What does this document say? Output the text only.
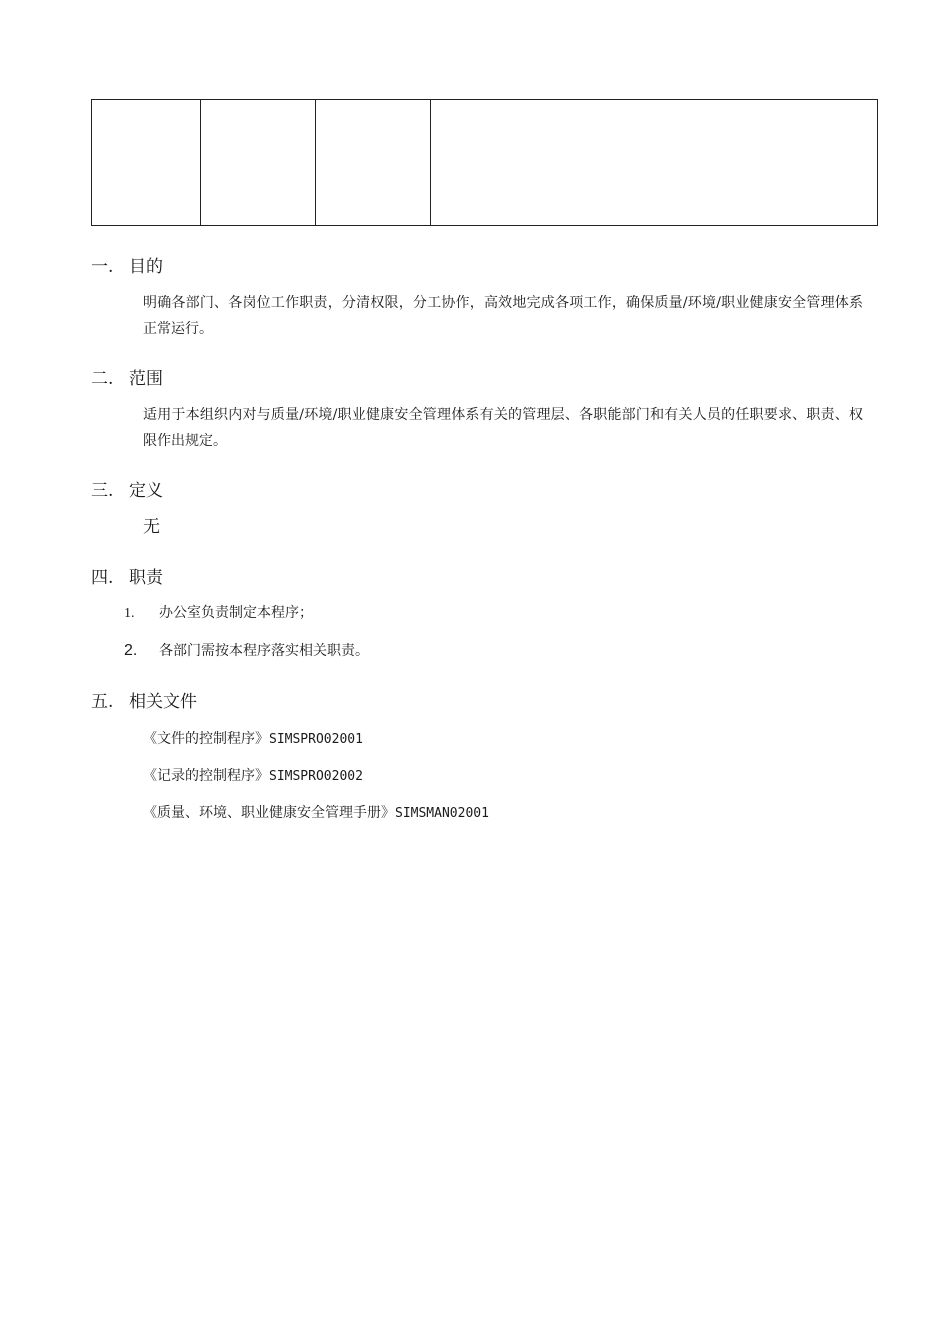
一. 目的
明确各部门、各岗位工作职责，分清权限，分工协作，高效地完成各项工作，确保质量/环境/职业健康安全管理体系正常运行。
二. 范围
适用于本组织内对与质量/环境/职业健康安全管理体系有关的管理层、各职能部门和有关人员的任职要求、职责、权限作出规定。
三. 定义
无
四. 职责
1. 办公室负责制定本程序；
2. 各部门需按本程序落实相关职责。
五. 相关文件
《文件的控制程序》SIMSPRO02001
《记录的控制程序》SIMSPRO02002
《质量、环境、职业健康安全管理手册》SIMSMAN02001
